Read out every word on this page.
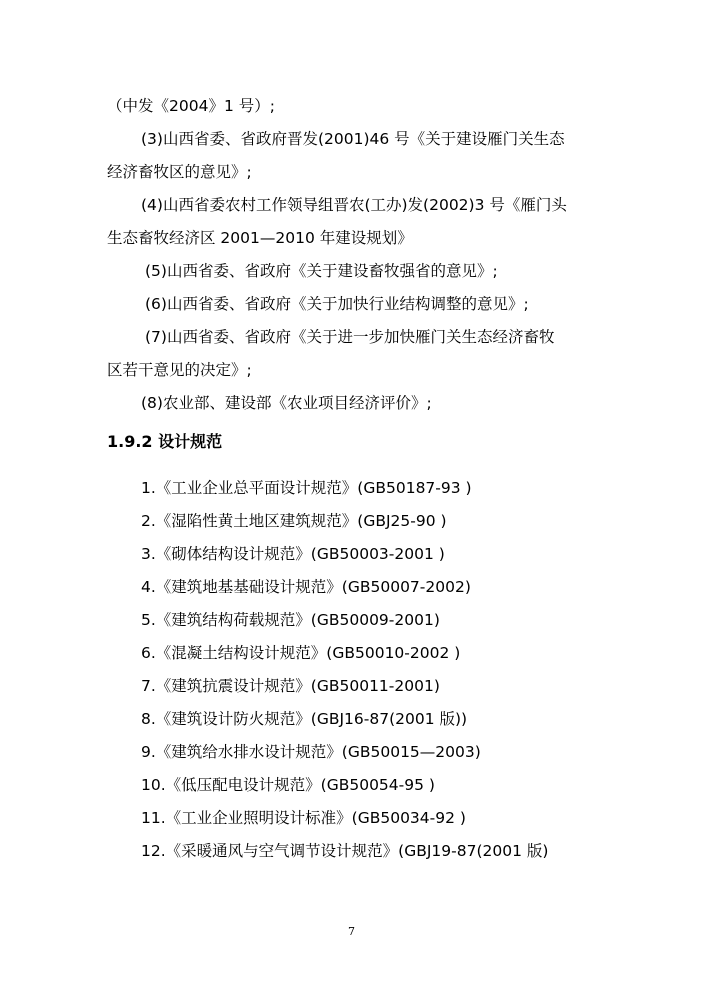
（中发《2004》1 号）;

(3)山西省委、省政府晋发(2001)46 号《关于建设雁门关生态

经济畜牧区的意见》;

(4)山西省委农村工作领导组晋农(工办)发(2002)3 号《雁门头

生态畜牧经济区 2001—2010 年建设规划》

(5)山西省委、省政府《关于建设畜牧强省的意见》;

(6)山西省委、省政府《关于加快行业结构调整的意见》;

(7)山西省委、省政府《关于进一步加快雁门关生态经济畜牧

区若干意见的决定》;

(8)农业部、建设部《农业项目经济评价》;

1.9.2 设计规范

1.《工业企业总平面设计规范》(GB50187-93 )

2.《湿陷性黄土地区建筑规范》(GBJ25-90 )

3.《砌体结构设计规范》(GB50003-2001 )

4.《建筑地基基础设计规范》(GB50007-2002)

5.《建筑结构荷载规范》(GB50009-2001)

6.《混凝土结构设计规范》(GB50010-2002 )

7.《建筑抗震设计规范》(GB50011-2001)

8.《建筑设计防火规范》(GBJ16-87(2001 版))

9.《建筑给水排水设计规范》(GB50015—2003)

10.《低压配电设计规范》(GB50054-95 )

11.《工业企业照明设计标准》(GB50034-92 )

12.《采暖通风与空气调节设计规范》(GBJ19-87(2001 版)

7
